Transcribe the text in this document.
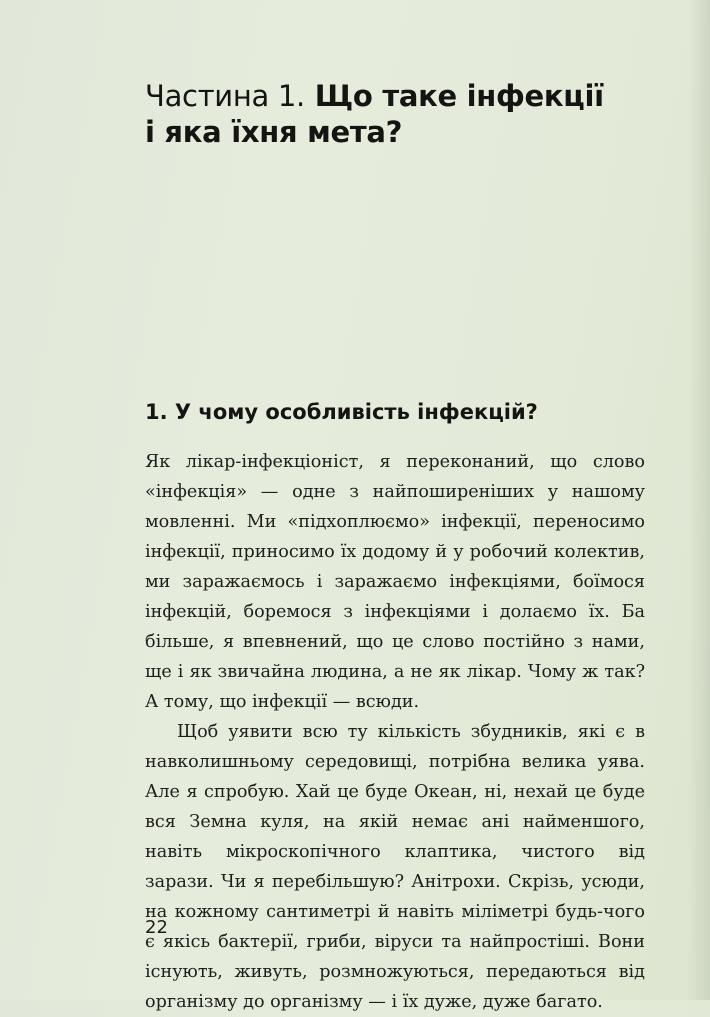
Частина 1. Що таке інфекції і яка їхня мета?
1. У чому особливість інфекцій?

Як лікар-інфекціоніст, я переконаний, що слово «інфекція» — одне з найпоширеніших у нашому мовленні. Ми «підхоплюємо» інфекції, переносимо інфекції, приносимо їх додому й у робочий колектив, ми заражаємось і заражаємо інфекціями, боїмося інфекцій, боремося з інфекціями і долаємо їх. Ба більше, я впевнений, що це слово постійно з нами, ще і як звичайна людина, а не як лікар. Чому ж так? А тому, що інфекції — всюди.

Щоб уявити всю ту кількість збудників, які є в навколишньому середовищі, потрібна велика уява. Але я спробую. Хай це буде Океан, ні, нехай це буде вся Земна куля, на якій немає ані найменшого, навіть мікроскопічного клаптика, чистого від зарази. Чи я перебільшую? Анітрохи. Скрізь, усюди, на кожному сантиметрі й навіть міліметрі будь-чого є якісь бактерії, гриби, віруси та найпростіші. Вони існують, живуть, розмножуються, передаються від організму до організму — і їх дуже, дуже багато.

22
